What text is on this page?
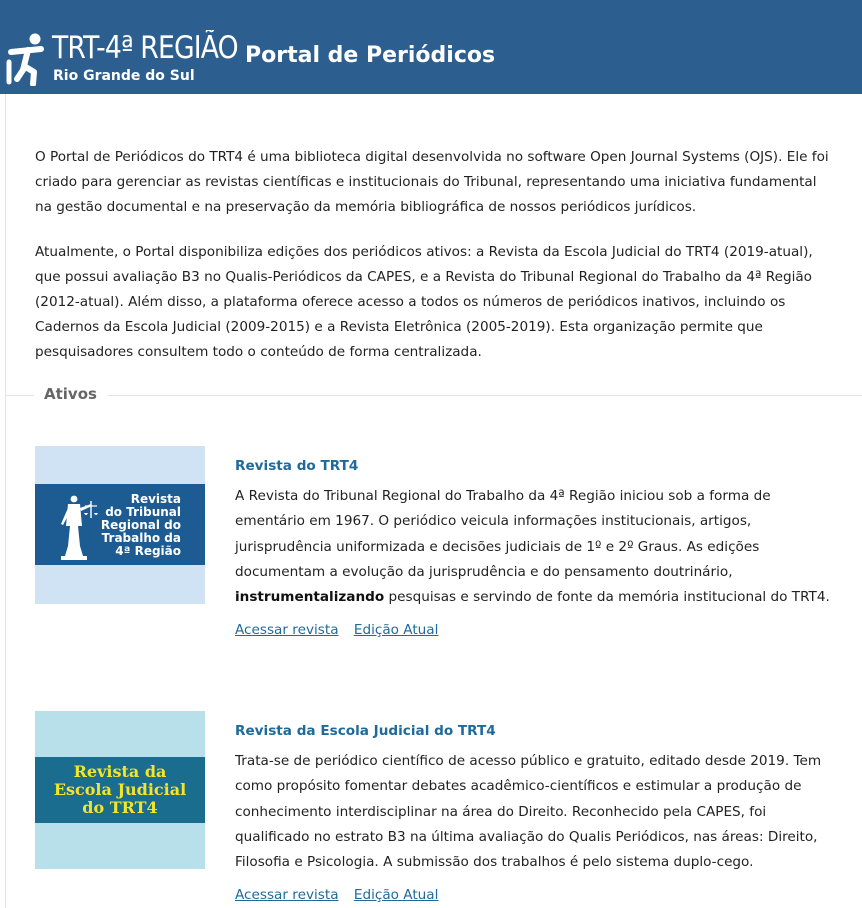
TRT-4ª REGIÃO
Rio Grande do Sul
Portal de Periódicos

O Portal de Periódicos do TRT4 é uma biblioteca digital desenvolvida no software Open Journal Systems (OJS). Ele foi criado para gerenciar as revistas científicas e institucionais do Tribunal, representando uma iniciativa fundamental na gestão documental e na preservação da memória bibliográfica de nossos periódicos jurídicos.

Atualmente, o Portal disponibiliza edições dos periódicos ativos: a Revista da Escola Judicial do TRT4 (2019-atual), que possui avaliação B3 no Qualis-Periódicos da CAPES, e a Revista do Tribunal Regional do Trabalho da 4ª Região (2012-atual). Além disso, a plataforma oferece acesso a todos os números de periódicos inativos, incluindo os Cadernos da Escola Judicial (2009-2015) e a Revista Eletrônica (2005-2019). Esta organização permite que pesquisadores consultem todo o conteúdo de forma centralizada.

Ativos
Revista
do Tribunal
Regional do
Trabalho da
4ª Região
Revista do TRT4

A Revista do Tribunal Regional do Trabalho da 4ª Região iniciou sob a forma de ementário em 1967. O periódico veicula informações institucionais, artigos, jurisprudência uniformizada e decisões judiciais de 1º e 2º Graus. As edições documentam a evolução da jurisprudência e do pensamento doutrinário, instrumentalizando pesquisas e servindo de fonte da memória institucional do TRT4.

Acessar revista Edição Atual
Revista da
Escola Judicial
do TRT4
Revista da Escola Judicial do TRT4

Trata-se de periódico científico de acesso público e gratuito, editado desde 2019. Tem como propósito fomentar debates acadêmico-científicos e estimular a produção de conhecimento interdisciplinar na área do Direito. Reconhecido pela CAPES, foi qualificado no estrato B3 na última avaliação do Qualis Periódicos, nas áreas: Direito, Filosofia e Psicologia. A submissão dos trabalhos é pelo sistema duplo-cego.

Acessar revista Edição Atual
